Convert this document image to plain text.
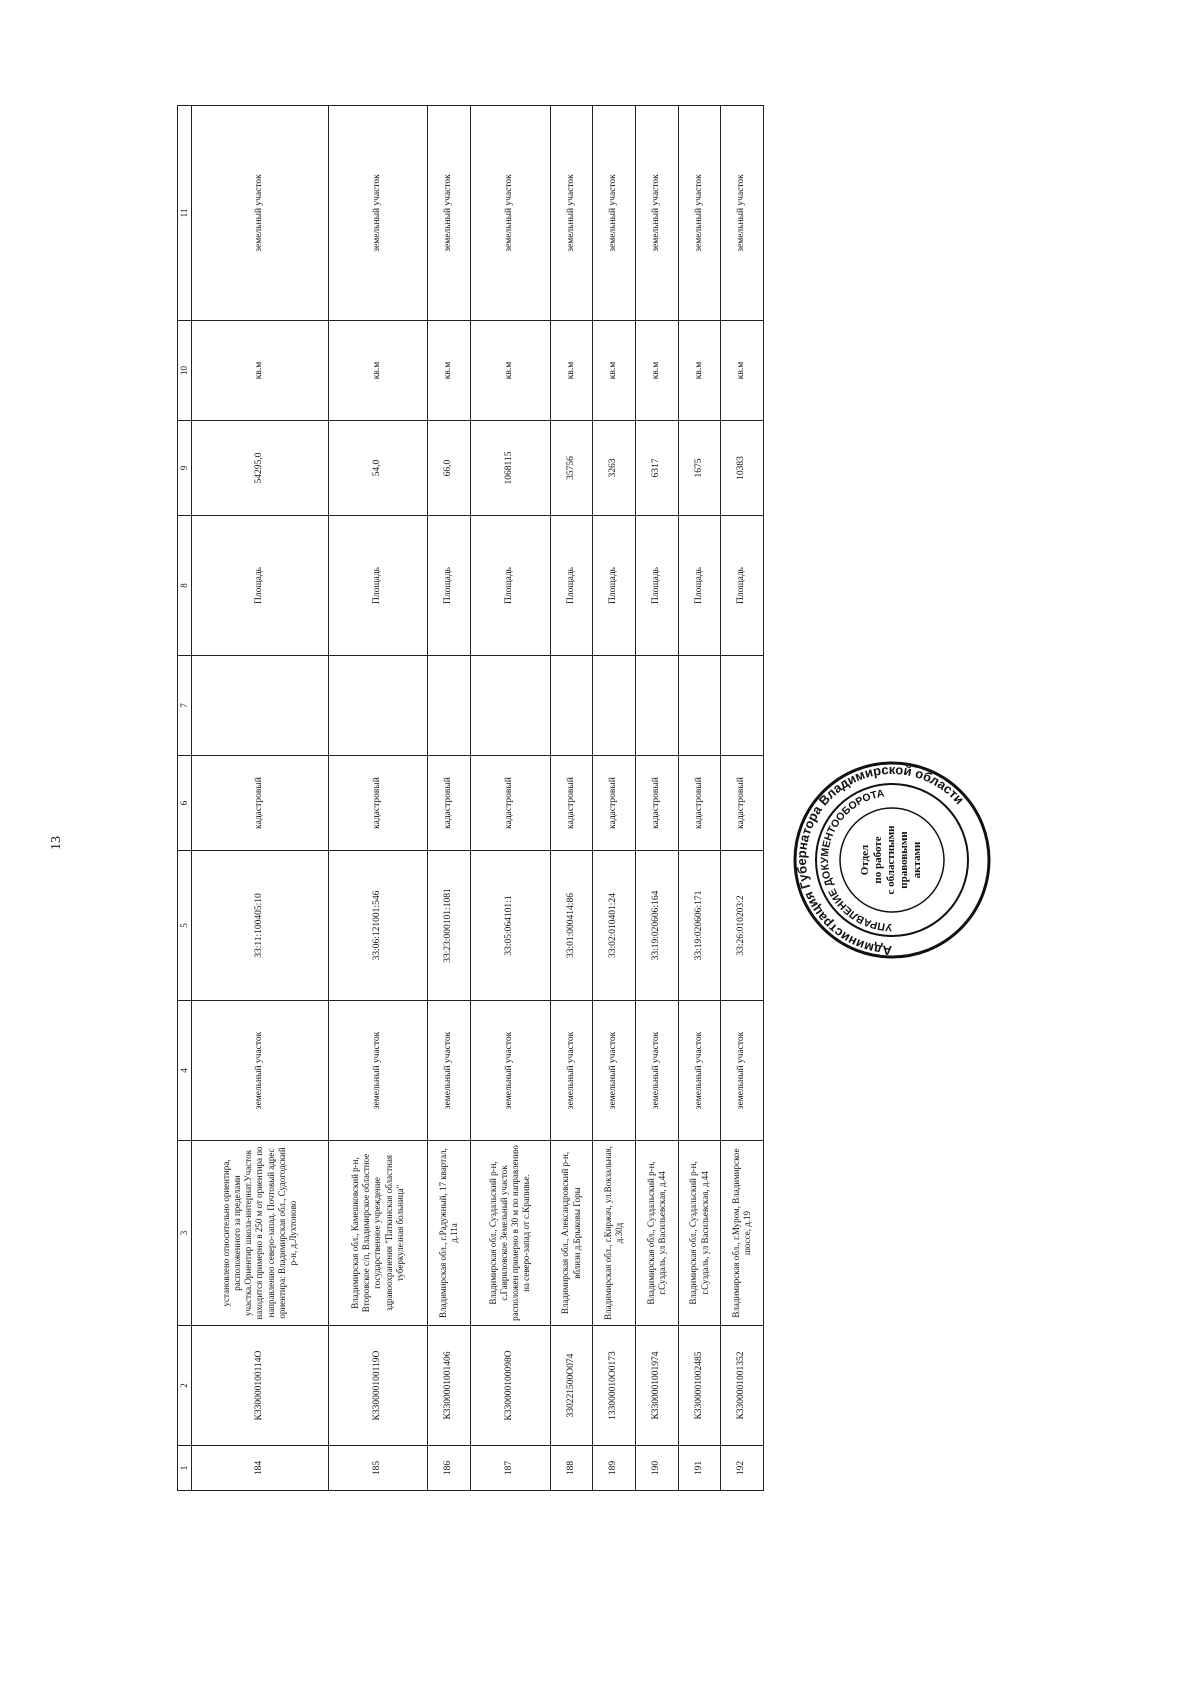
13
1	2	3	4	5	6	7	8	9	10	11
184	К330000100114О	установлено относительно ориентира, расположенного за пределами участка.Ориентир школа-интернат.Участок находится примерно в 250 м от ориентира по направлению северо-запад. Почтовый адрес ориентира: Владимирская обл., Судогодский р-н, д.Лухтоново	земельный участок	33:11:100405:10	кадастровый		Площадь	54295,0	кв.м	земельный участок
185	К330000100119О	Владимирская обл., Камешковский р-н, Второвское с/п, Владимирское областное государственное учреждение здравоохранения "Паткинская областная туберкулезная больница"	земельный участок	33:06:121001:546	кадастровый		Площадь	54,0	кв.м	земельный участок
186	К3300001001406	Владимирская обл., г.Радужный, 17 квартал, д.11а	земельный участок	33:23:000101:1081	кадастровый		Площадь	66,0	кв.м	земельный участок
187	К330000100098О	Владимирская обл., Суздальский р-н, с.Гавриловское Земельный участок расположен примерно в 30 м по направлению на северо-запад от с.Крапивье.	земельный участок	33:05:064101:1	кадастровый		Площадь	1068115	кв.м	земельный участок
188	330221500О074	Владимирская обл., Александровский р-н, вблизи д.Брыковы Горы	земельный участок	33:01:000414:86	кадастровый		Площадь	35756	кв.м	земельный участок
189	133000010О0173	Владимирская обл., г.Киржач, ул.Вокзальная, д.30д	земельный участок	33:02:010401:24	кадастровый		Площадь	3263	кв.м	земельный участок
190	К3300001001974	Владимирская обл., Суздальский р-н, г.Суздаль, ул Васильевская, д.44	земельный участок	33:19:020606:164	кадастровый		Площадь	6317	кв.м	земельный участок
191	К3300001002485	Владимирская обл., Суздальский р-н, г.Суздаль, ул Васильевская, д.44	земельный участок	33:19:020606:171	кадастровый		Площадь	1675	кв.м	земельный участок
192	К3300001001352	Владимирская обл., г.Муром, Владимирское шоссе, д.19	земельный участок	33:26:010203:2	кадастровый		Площадь	10383	кв.м	земельный участок
Администрация Губернатора Владимирской области
УПРАВЛЕНИЕ ДОКУМЕНТООБОРОТА
Отдел по работе с областными правовыми актами
